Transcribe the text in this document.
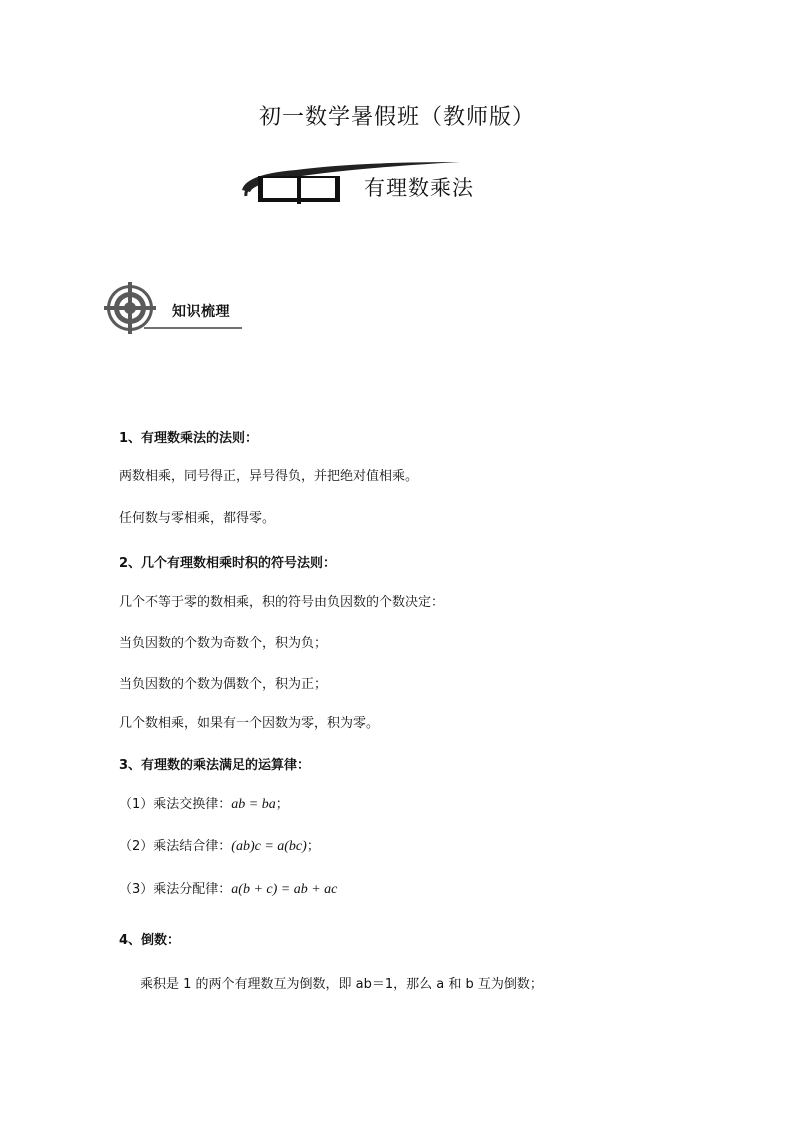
初一数学暑假班（教师版）
有理数乘法
知识梳理
1、有理数乘法的法则：
两数相乘，同号得正，异号得负，并把绝对值相乘。
任何数与零相乘，都得零。
2、几个有理数相乘时积的符号法则：
几个不等于零的数相乘，积的符号由负因数的个数决定：
当负因数的个数为奇数个，积为负；
当负因数的个数为偶数个，积为正；
几个数相乘，如果有一个因数为零，积为零。
3、有理数的乘法满足的运算律：
（1）乘法交换律：ab = ba；
（2）乘法结合律：(ab)c = a(bc)；
（3）乘法分配律：a(b + c) = ab + ac
4、倒数：
乘积是 1 的两个有理数互为倒数，即 ab＝1，那么 a 和 b 互为倒数；
